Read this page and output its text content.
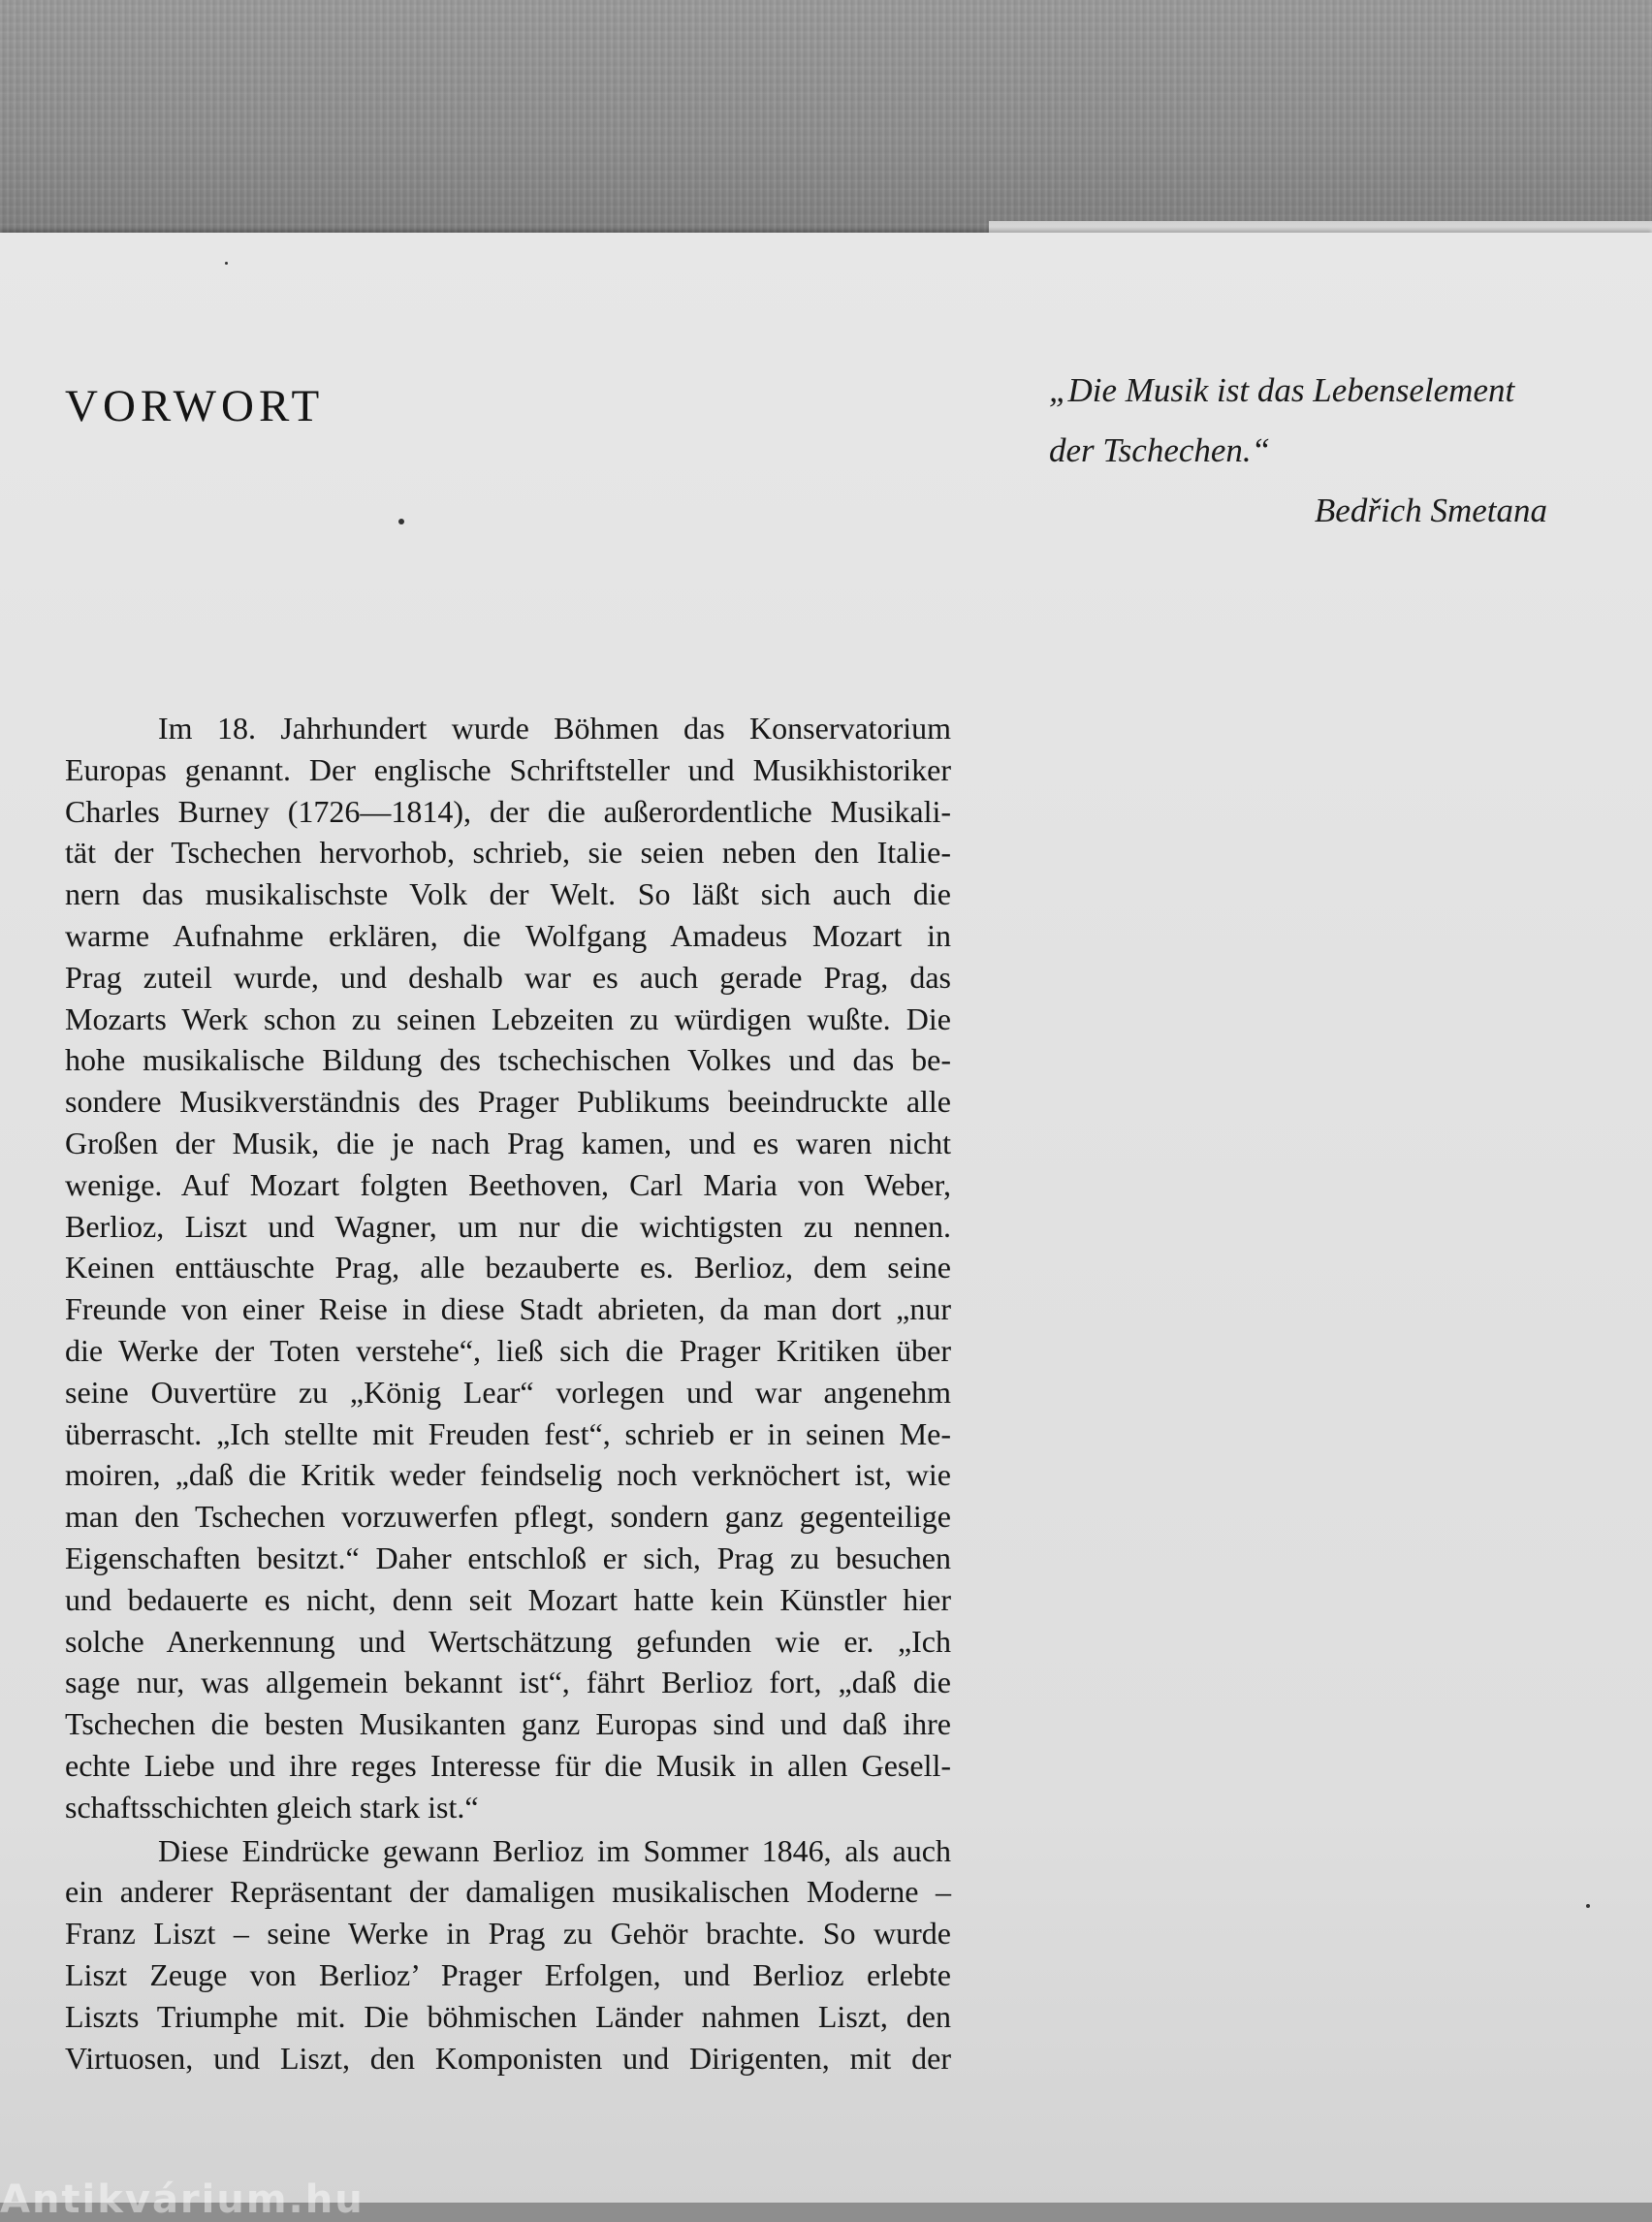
VORWORT	„Die Musik ist das Lebenselement
der Tschechen.“
Bedřich Smetana
Im 18. Jahrhundert wurde Böhmen das Konservatorium
Europas genannt. Der englische Schriftsteller und Musikhistoriker
Charles Burney (1726—1814), der die außerordentliche Musikali-
tät der Tschechen hervorhob, schrieb, sie seien neben den Italie-
nern das musikalischste Volk der Welt. So läßt sich auch die
warme Aufnahme erklären, die Wolfgang Amadeus Mozart in
Prag zuteil wurde, und deshalb war es auch gerade Prag, das
Mozarts Werk schon zu seinen Lebzeiten zu würdigen wußte. Die
hohe musikalische Bildung des tschechischen Volkes und das be-
sondere Musikverständnis des Prager Publikums beeindruckte alle
Großen der Musik, die je nach Prag kamen, und es waren nicht
wenige. Auf Mozart folgten Beethoven, Carl Maria von Weber,
Berlioz, Liszt und Wagner, um nur die wichtigsten zu nennen.
Keinen enttäuschte Prag, alle bezauberte es. Berlioz, dem seine
Freunde von einer Reise in diese Stadt abrieten, da man dort „nur
die Werke der Toten verstehe“, ließ sich die Prager Kritiken über
seine Ouvertüre zu „König Lear“ vorlegen und war angenehm
überrascht. „Ich stellte mit Freuden fest“, schrieb er in seinen Me-
moiren, „daß die Kritik weder feindselig noch verknöchert ist, wie
man den Tschechen vorzuwerfen pflegt, sondern ganz gegenteilige
Eigenschaften besitzt.“ Daher entschloß er sich, Prag zu besuchen
und bedauerte es nicht, denn seit Mozart hatte kein Künstler hier
solche Anerkennung und Wertschätzung gefunden wie er. „Ich
sage nur, was allgemein bekannt ist“, fährt Berlioz fort, „daß die
Tschechen die besten Musikanten ganz Europas sind und daß ihre
echte Liebe und ihre reges Interesse für die Musik in allen Gesell-
schaftsschichten gleich stark ist.“
Diese Eindrücke gewann Berlioz im Sommer 1846, als auch
ein anderer Repräsentant der damaligen musikalischen Moderne –
Franz Liszt – seine Werke in Prag zu Gehör brachte. So wurde
Liszt Zeuge von Berlioz’ Prager Erfolgen, und Berlioz erlebte
Liszts Triumphe mit. Die böhmischen Länder nahmen Liszt, den
Virtuosen, und Liszt, den Komponisten und Dirigenten, mit der
Antikvárium.hu
